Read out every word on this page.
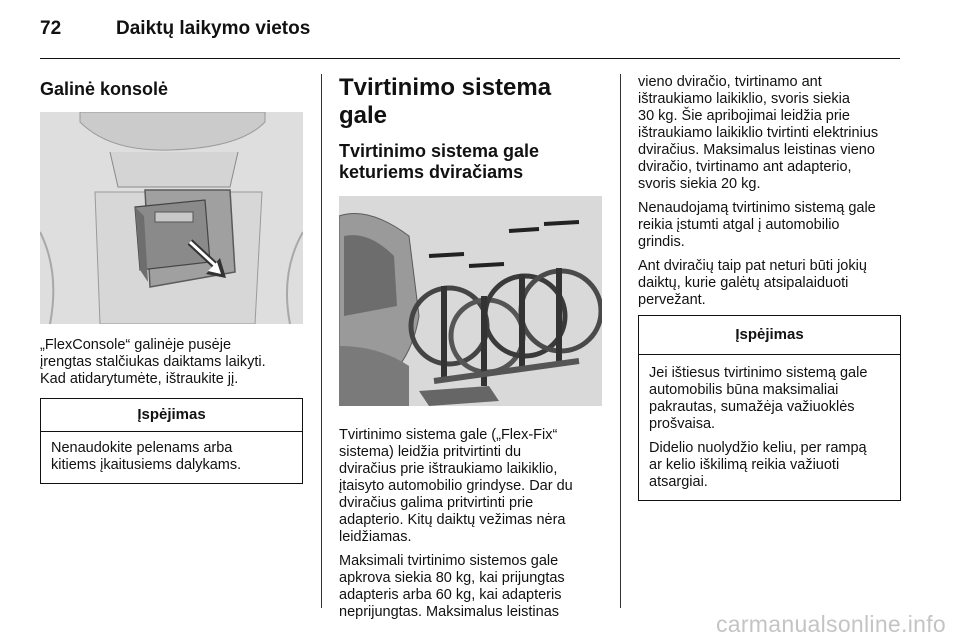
72	Daiktų laikymo vietos
Galinė konsolė

„FlexConsole“ galinėje pusėje
įrengtas stalčiukas daiktams laikyti.
Kad atidarytumėte, ištraukite jį.

Įspėjimas

Nenaudokite pelenams arba
kitiems įkaitusiems dalykams.

Tvirtinimo sistema gale
Tvirtinimo sistema gale
keturiems dviračiams

Tvirtinimo sistema gale („Flex-Fix“
sistema) leidžia pritvirtinti du
dviračius prie ištraukiamo laikiklio,
įtaisyto automobilio grindyse. Dar du
dviračius galima pritvirtinti prie
adapterio. Kitų daiktų vežimas nėra
leidžiamas.

Maksimali tvirtinimo sistemos gale
apkrova siekia 80 kg, kai prijungtas
adapteris arba 60 kg, kai adapteris
neprijungtas. Maksimalus leistinas

vieno dviračio, tvirtinamo ant
ištraukiamo laikiklio, svoris siekia
30 kg. Šie apribojimai leidžia prie
ištraukiamo laikiklio tvirtinti elektrinius
dviračius. Maksimalus leistinas vieno
dviračio, tvirtinamo ant adapterio,
svoris siekia 20 kg.

Nenaudojamą tvirtinimo sistemą gale
reikia įstumti atgal į automobilio
grindis.

Ant dviračių taip pat neturi būti jokių
daiktų, kurie galėtų atsipalaiduoti
pervežant.

Įspėjimas

Jei ištiesus tvirtinimo sistemą gale
automobilis būna maksimaliai
pakrautas, sumažėja važiuoklės
prošvaisa.

Didelio nuolydžio keliu, per rampą
ar kelio iškilimą reikia važiuoti
atsargiai.

carmanualsonline.info
